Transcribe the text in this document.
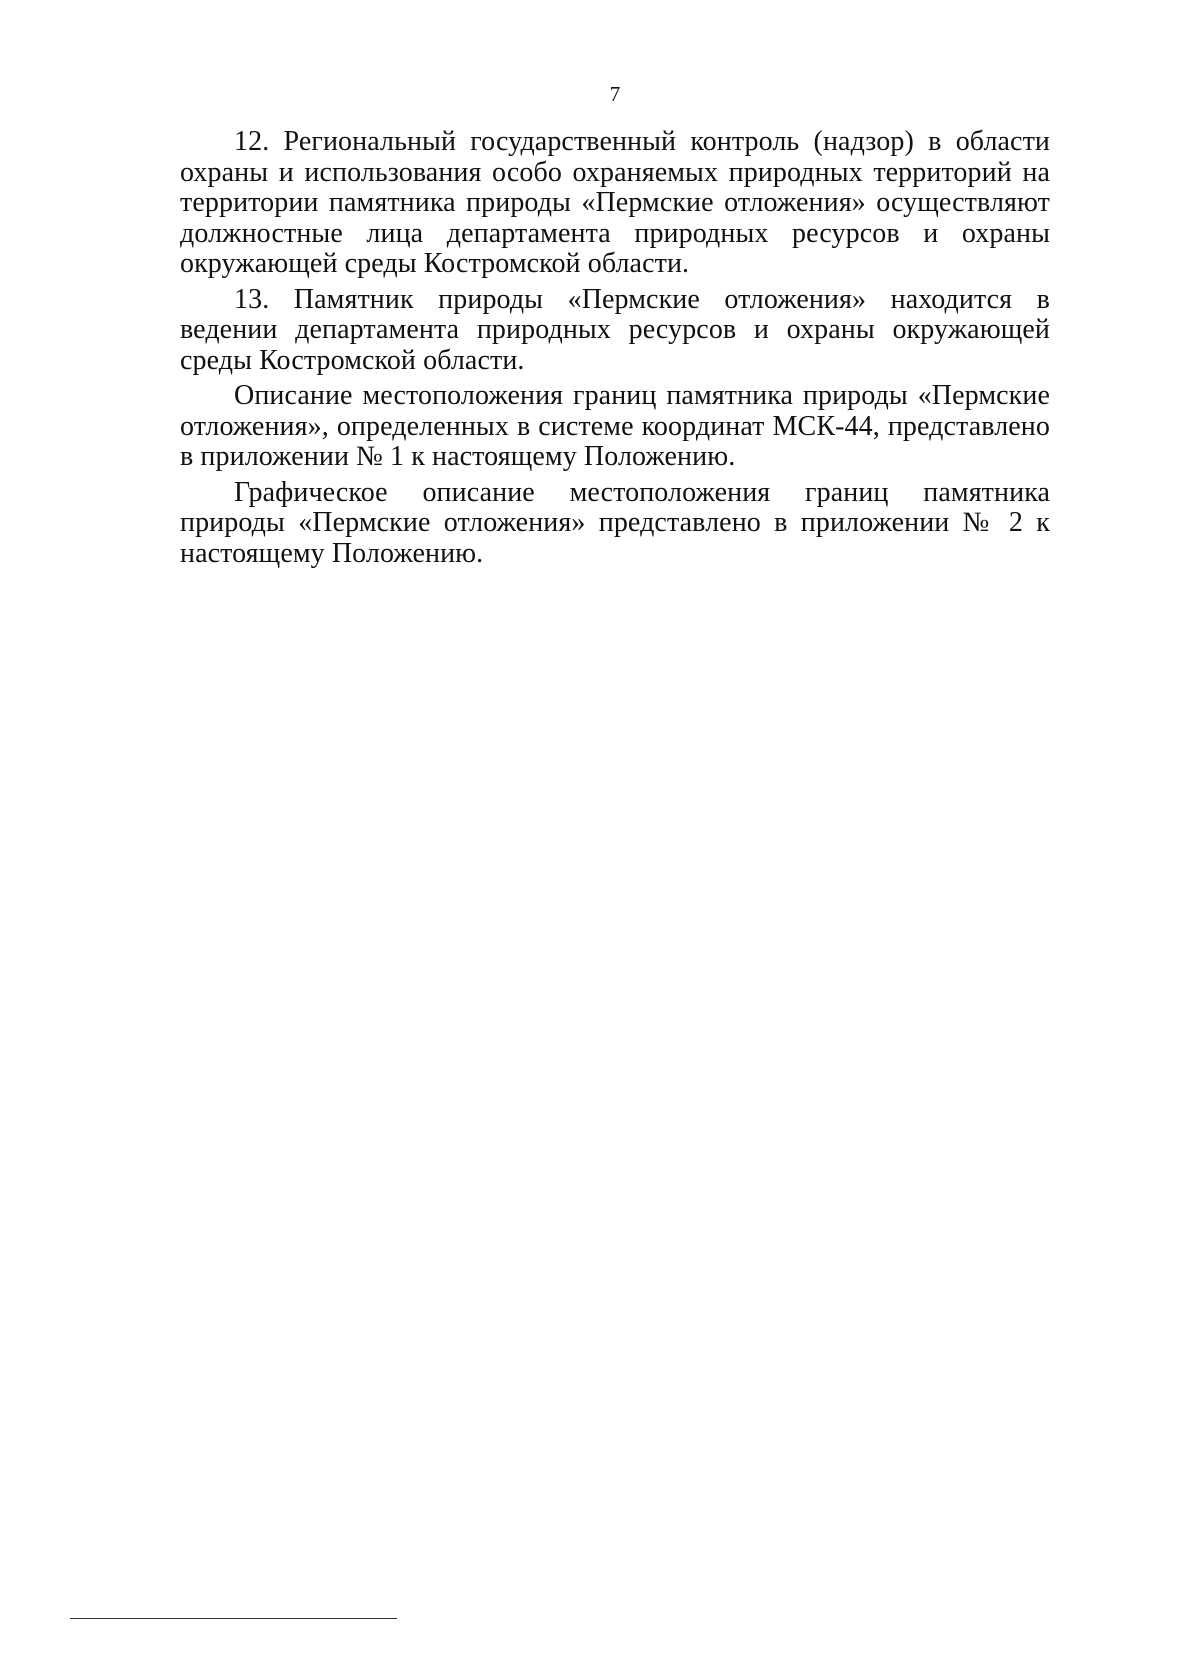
7

12. Региональный государственный контроль (надзор) в области охраны и использования особо охраняемых природных территорий на территории памятника природы «Пермские отложения» осуществляют должностные лица департамента природных ресурсов и охраны окружающей среды Костромской области.

13. Памятник природы «Пермские отложения» находится в ведении департамента природных ресурсов и охраны окружающей среды Костромской области.

Описание местоположения границ памятника природы «Пермские отложения», определенных в системе координат МСК-44, представлено в приложении № 1 к настоящему Положению.

Графическое описание местоположения границ памятника природы «Пермские отложения» представлено в приложении № 2 к настоящему Положению.
